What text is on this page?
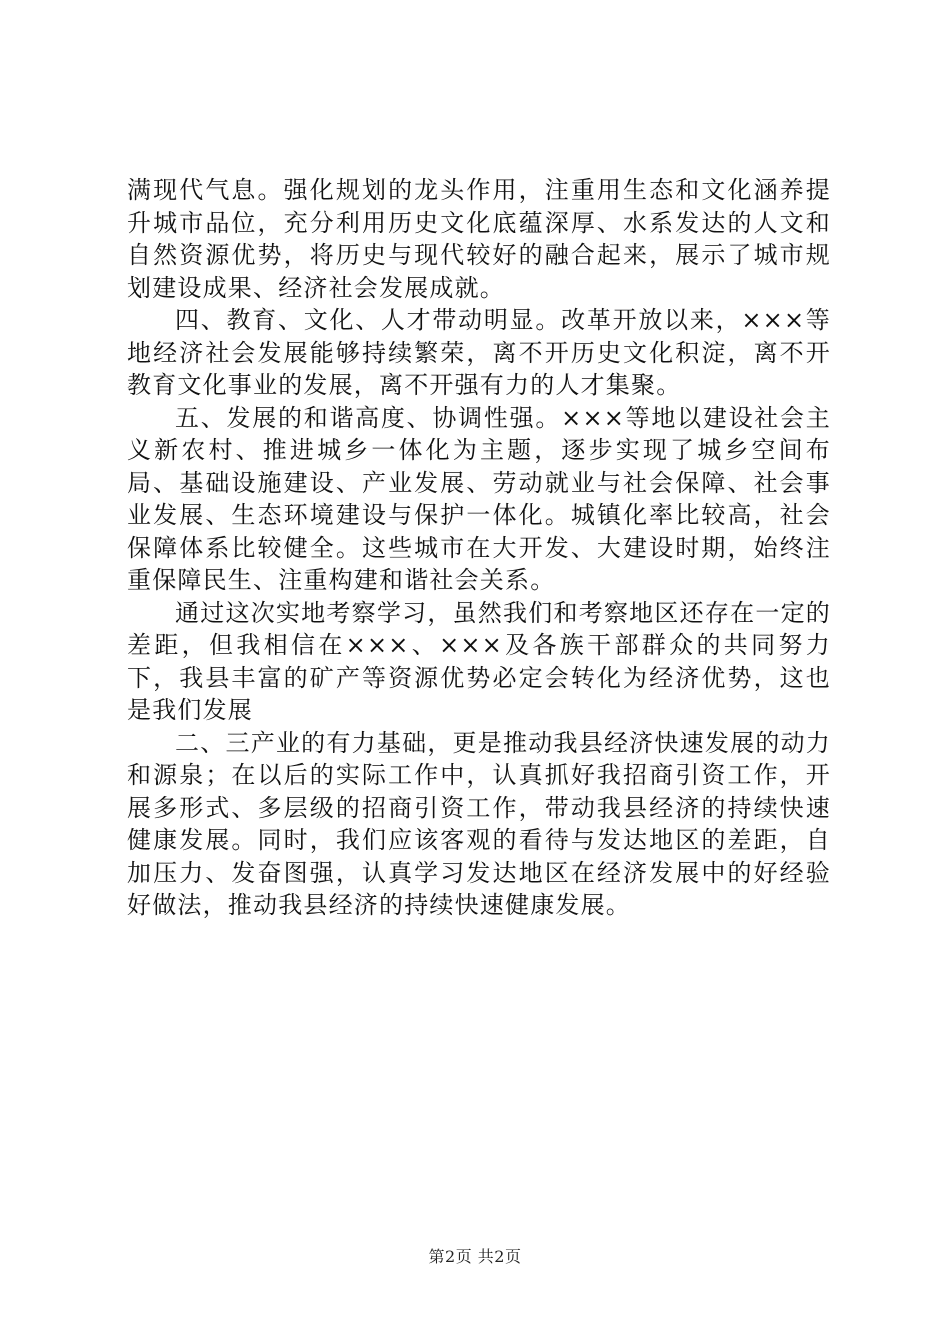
满现代气息。强化规划的龙头作用，注重用生态和文化涵养提升城市品位，充分利用历史文化底蕴深厚、水系发达的人文和自然资源优势，将历史与现代较好的融合起来，展示了城市规划建设成果、经济社会发展成就。

四、教育、文化、人才带动明显。改革开放以来，×××等地经济社会发展能够持续繁荣，离不开历史文化积淀，离不开教育文化事业的发展，离不开强有力的人才集聚。

五、发展的和谐高度、协调性强。×××等地以建设社会主义新农村、推进城乡一体化为主题，逐步实现了城乡空间布局、基础设施建设、产业发展、劳动就业与社会保障、社会事业发展、生态环境建设与保护一体化。城镇化率比较高，社会保障体系比较健全。这些城市在大开发、大建设时期，始终注重保障民生、注重构建和谐社会关系。

通过这次实地考察学习，虽然我们和考察地区还存在一定的差距，但我相信在×××、×××及各族干部群众的共同努力下，我县丰富的矿产等资源优势必定会转化为经济优势，这也是我们发展

二、三产业的有力基础，更是推动我县经济快速发展的动力和源泉；在以后的实际工作中，认真抓好我招商引资工作，开展多形式、多层级的招商引资工作，带动我县经济的持续快速健康发展。同时，我们应该客观的看待与发达地区的差距，自加压力、发奋图强，认真学习发达地区在经济发展中的好经验好做法，推动我县经济的持续快速健康发展。

第2页 共2页
